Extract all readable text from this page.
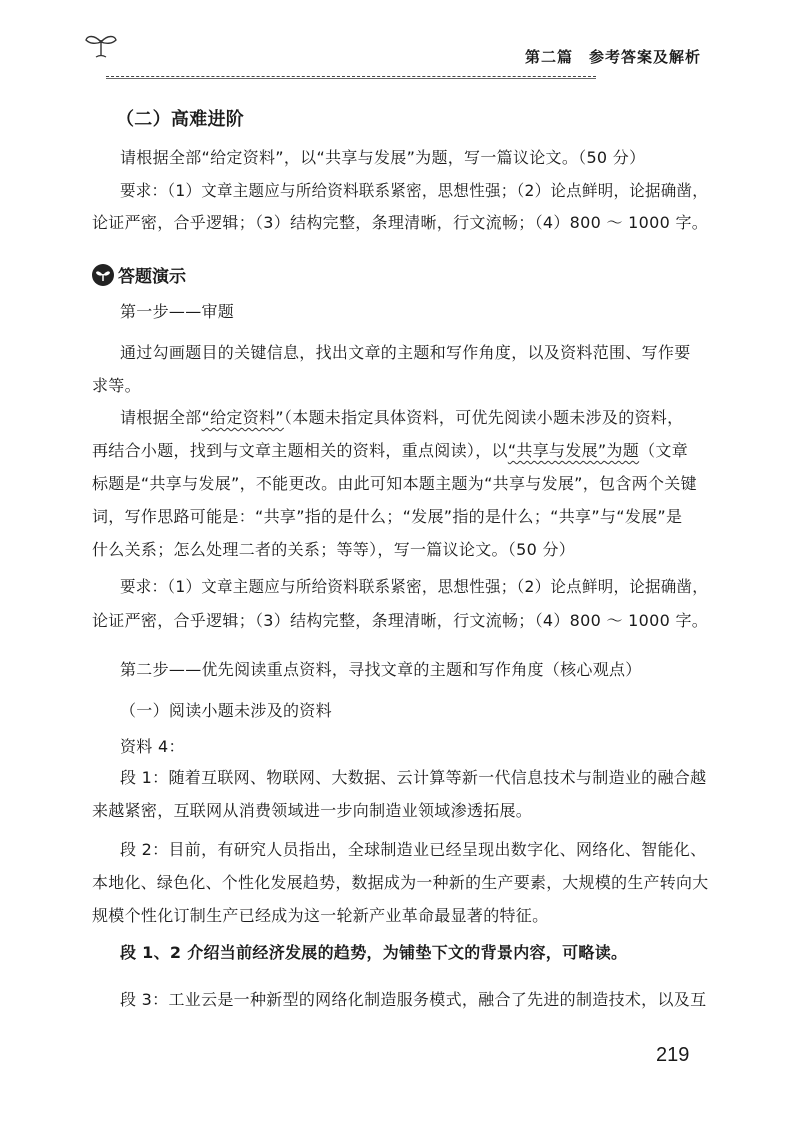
第二篇 参考答案及解析
（二）高难进阶
请根据全部“给定资料”，以“共享与发展”为题，写一篇议论文。（50 分）
要求：（1）文章主题应与所给资料联系紧密，思想性强；（2）论点鲜明，论据确凿，
论证严密，合乎逻辑；（3）结构完整，条理清晰，行文流畅；（4）800 ～ 1000 字。
答题演示
第一步——审题
通过勾画题目的关键信息，找出文章的主题和写作角度，以及资料范围、写作要
求等。
请根据全部“给定资料”（本题未指定具体资料，可优先阅读小题未涉及的资料，
再结合小题，找到与文章主题相关的资料，重点阅读），以“共享与发展”为题（文章
标题是“共享与发展”，不能更改。由此可知本题主题为“共享与发展”，包含两个关键
词，写作思路可能是：“共享”指的是什么；“发展”指的是什么；“共享”与“发展”是
什么关系；怎么处理二者的关系；等等），写一篇议论文。（50 分）
要求：（1）文章主题应与所给资料联系紧密，思想性强；（2）论点鲜明，论据确凿，
论证严密，合乎逻辑；（3）结构完整，条理清晰，行文流畅；（4）800 ～ 1000 字。
第二步——优先阅读重点资料，寻找文章的主题和写作角度（核心观点）
（一）阅读小题未涉及的资料
资料 4：
段 1：随着互联网、物联网、大数据、云计算等新一代信息技术与制造业的融合越
来越紧密，互联网从消费领域进一步向制造业领域渗透拓展。
段 2：目前，有研究人员指出，全球制造业已经呈现出数字化、网络化、智能化、
本地化、绿色化、个性化发展趋势，数据成为一种新的生产要素，大规模的生产转向大
规模个性化订制生产已经成为这一轮新产业革命最显著的特征。
段 1、2 介绍当前经济发展的趋势，为铺垫下文的背景内容，可略读。
段 3：工业云是一种新型的网络化制造服务模式，融合了先进的制造技术，以及互
219
